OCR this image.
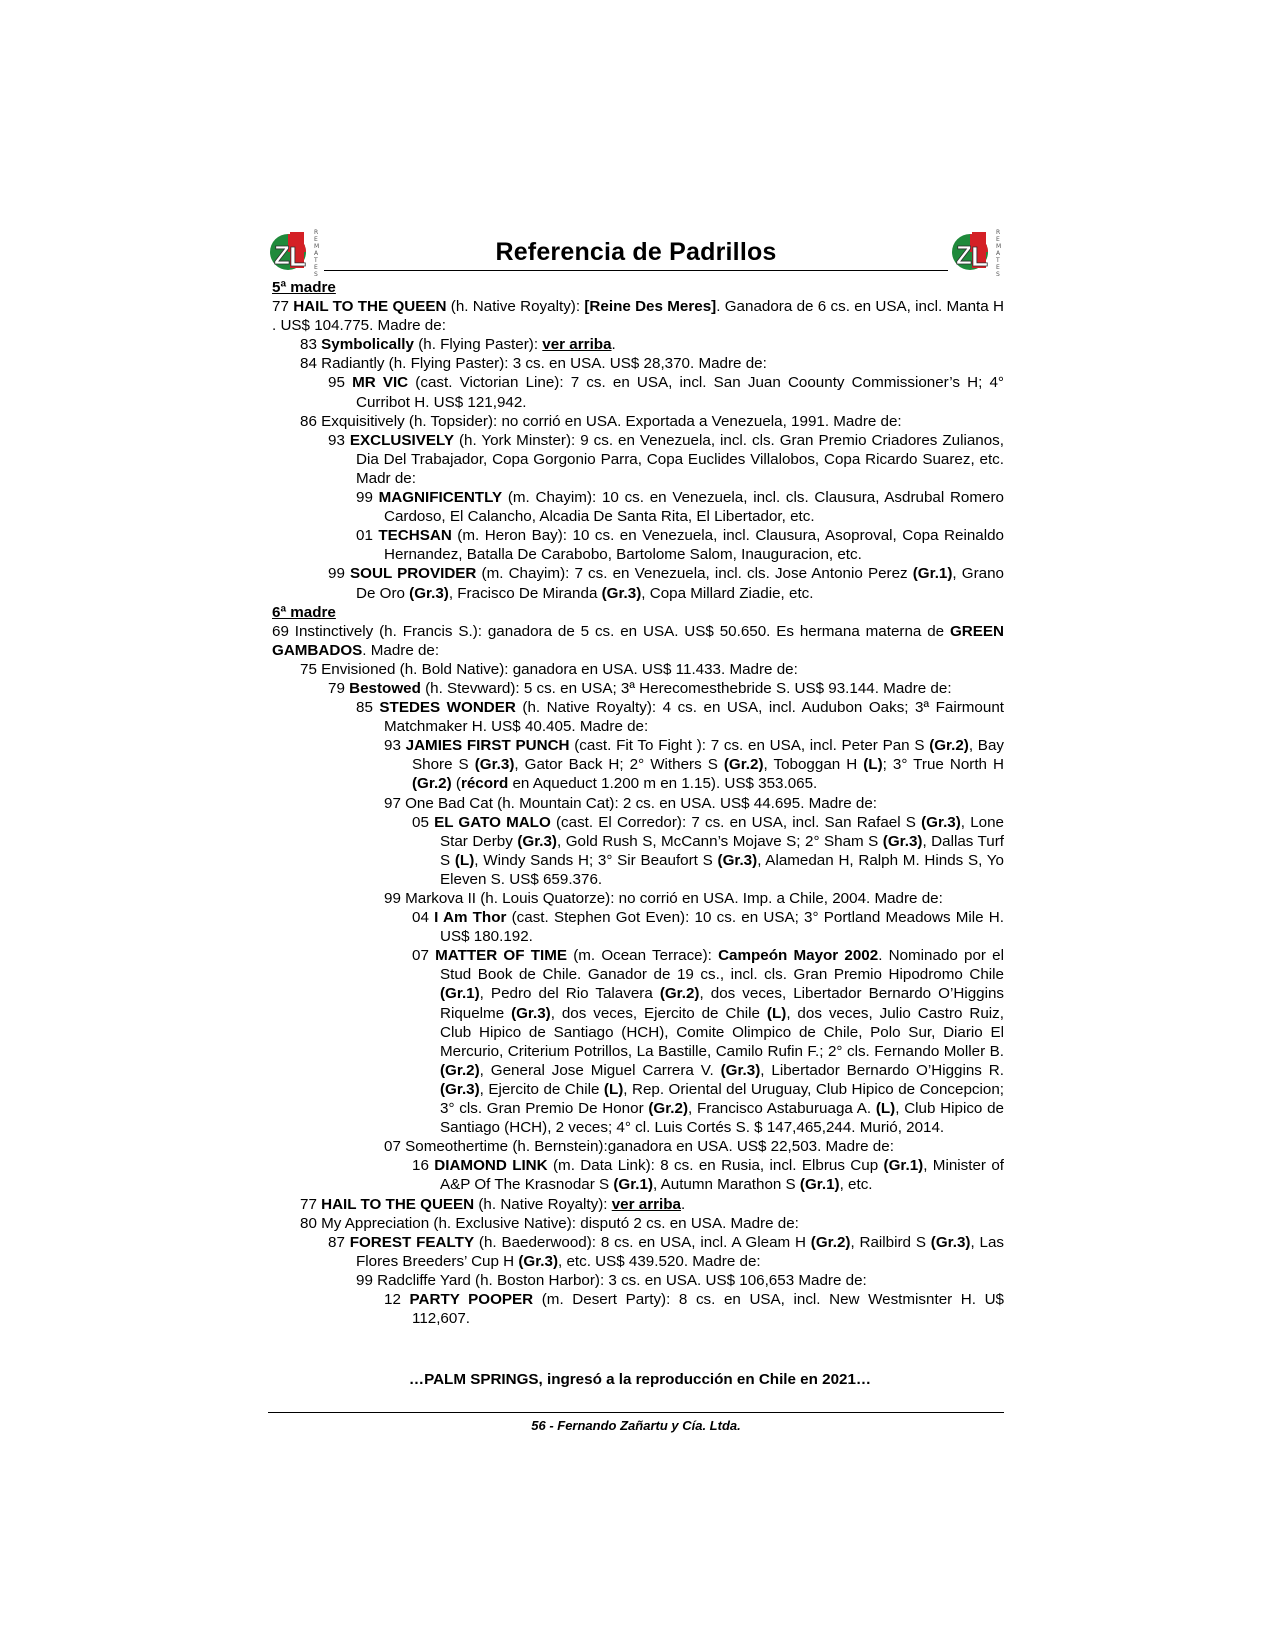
Z L
R
E
M
A
T
E
S
Referencia de Padrillos	Z L
R
E
M
A
T
E
S
5ª madre
77 HAIL TO THE QUEEN (h. Native Royalty): [Reine Des Meres]. Ganadora de 6 cs. en USA, incl. Manta H . US$ 104.775. Madre de:
83 Symbolically (h. Flying Paster): ver arriba.
84 Radiantly (h. Flying Paster): 3 cs. en USA. US$ 28,370. Madre de:
95 MR VIC (cast. Victorian Line): 7 cs. en USA, incl. San Juan Coounty Commissioner’s H; 4° Curribot H. US$ 121,942.
86 Exquisitively (h. Topsider): no corrió en USA. Exportada a Venezuela, 1991. Madre de:
93 EXCLUSIVELY (h. York Minster): 9 cs. en Venezuela, incl. cls. Gran Premio Criadores Zulianos, Dia Del Trabajador, Copa Gorgonio Parra, Copa Euclides Villalobos, Copa Ricardo Suarez, etc. Madr de:
99 MAGNIFICENTLY (m. Chayim): 10 cs. en Venezuela, incl. cls. Clausura, Asdrubal Romero Cardoso, El Calancho, Alcadia De Santa Rita, El Libertador, etc.
01 TECHSAN (m. Heron Bay): 10 cs. en Venezuela, incl. Clausura, Asoproval, Copa Reinaldo Hernandez, Batalla De Carabobo, Bartolome Salom, Inauguracion, etc.
99 SOUL PROVIDER (m. Chayim): 7 cs. en Venezuela, incl. cls. Jose Antonio Perez (Gr.1), Grano De Oro (Gr.3), Fracisco De Miranda (Gr.3), Copa Millard Ziadie, etc.
6ª madre
69 Instinctively (h. Francis S.): ganadora de 5 cs. en USA. US$ 50.650. Es hermana materna de GREEN GAMBADOS. Madre de:
75 Envisioned (h. Bold Native): ganadora en USA. US$ 11.433. Madre de:
79 Bestowed (h. Stevward): 5 cs. en USA; 3ª Herecomesthebride S. US$ 93.144. Madre de:
85 STEDES WONDER (h. Native Royalty): 4 cs. en USA, incl. Audubon Oaks; 3ª Fairmount Matchmaker H. US$ 40.405. Madre de:
93 JAMIES FIRST PUNCH (cast. Fit To Fight ): 7 cs. en USA, incl. Peter Pan S (Gr.2), Bay Shore S (Gr.3), Gator Back H; 2° Withers S (Gr.2), Toboggan H (L); 3° True North H (Gr.2) (récord en Aqueduct 1.200 m en 1.15). US$ 353.065.
97 One Bad Cat (h. Mountain Cat): 2 cs. en USA. US$ 44.695. Madre de:
05 EL GATO MALO (cast. El Corredor): 7 cs. en USA, incl. San Rafael S (Gr.3), Lone Star Derby (Gr.3), Gold Rush S, McCann’s Mojave S; 2° Sham S (Gr.3), Dallas Turf S (L), Windy Sands H; 3° Sir Beaufort S (Gr.3), Alamedan H, Ralph M. Hinds S, Yo Eleven S. US$ 659.376.
99 Markova II (h. Louis Quatorze): no corrió en USA. Imp. a Chile, 2004. Madre de:
04 I Am Thor (cast. Stephen Got Even): 10 cs. en USA; 3° Portland Meadows Mile H. US$ 180.192.
07 MATTER OF TIME (m. Ocean Terrace): Campeón Mayor 2002. Nominado por el Stud Book de Chile. Ganador de 19 cs., incl. cls. Gran Premio Hipodromo Chile (Gr.1), Pedro del Rio Talavera (Gr.2), dos veces, Libertador Bernardo O’Higgins Riquelme (Gr.3), dos veces, Ejercito de Chile (L), dos veces, Julio Castro Ruiz, Club Hipico de Santiago (HCH), Comite Olimpico de Chile, Polo Sur, Diario El Mercurio, Criterium Potrillos, La Bastille, Camilo Rufin F.; 2° cls. Fernando Moller B. (Gr.2), General Jose Miguel Carrera V. (Gr.3), Libertador Bernardo O’Higgins R. (Gr.3), Ejercito de Chile (L), Rep. Oriental del Uruguay, Club Hipico de Concepcion; 3° cls. Gran Premio De Honor (Gr.2), Francisco Astaburuaga A. (L), Club Hipico de Santiago (HCH), 2 veces; 4° cl. Luis Cortés S. $ 147,465,244. Murió, 2014.
07 Someothertime (h. Bernstein):ganadora en USA. US$ 22,503. Madre de:
16 DIAMOND LINK (m. Data Link): 8 cs. en Rusia, incl. Elbrus Cup (Gr.1), Minister of A&P Of The Krasnodar S (Gr.1), Autumn Marathon S (Gr.1), etc.
77 HAIL TO THE QUEEN (h. Native Royalty): ver arriba.
80 My Appreciation (h. Exclusive Native): disputó 2 cs. en USA. Madre de:
87 FOREST FEALTY (h. Baederwood): 8 cs. en USA, incl. A Gleam H (Gr.2), Railbird S (Gr.3), Las Flores Breeders’ Cup H (Gr.3), etc. US$ 439.520. Madre de:
99 Radcliffe Yard (h. Boston Harbor): 3 cs. en USA. US$ 106,653 Madre de:
12 PARTY POOPER (m. Desert Party): 8 cs. en USA, incl. New Westmisnter H. U$ 112,607.
…PALM SPRINGS, ingresó a la reproducción en Chile en 2021…
56 - Fernando Zañartu y Cía. Ltda.
